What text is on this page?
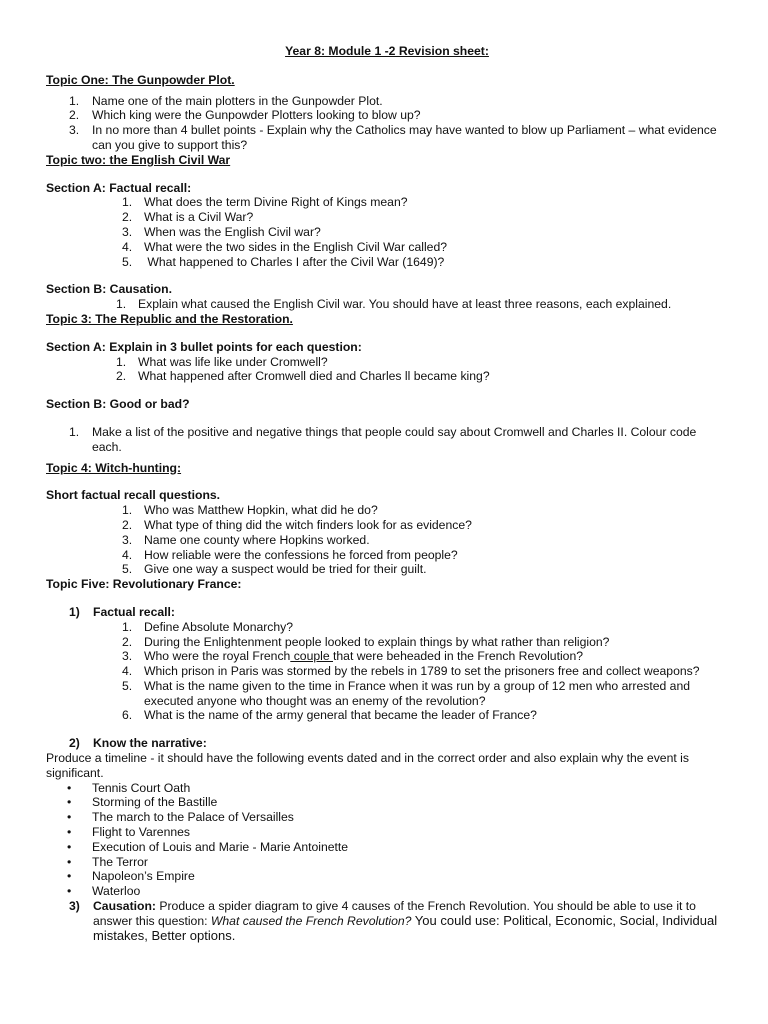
Year 8: Module 1 -2 Revision sheet:
Topic One: The Gunpowder Plot.
1.	Name one of the main plotters in the Gunpowder Plot.
2.	Which king were the Gunpowder Plotters looking to blow up?
3.	In no more than 4 bullet points - Explain why the Catholics may have wanted to blow up Parliament – what evidence can you give to support this?
Topic two: the English Civil War
Section A: Factual recall:
1. What does the term Divine Right of Kings mean?
2. What is a Civil War?
3. When was the English Civil war?
4. What were the two sides in the English Civil War called?
5. What happened to Charles I after the Civil War (1649)?
Section B: Causation.
1. Explain what caused the English Civil war. You should have at least three reasons, each explained.
Topic 3: The Republic and the Restoration.
Section A: Explain in 3 bullet points for each question:
1. What was life like under Cromwell?
2. What happened after Cromwell died and Charles ll became king?
Section B: Good or bad?
1.	Make a list of the positive and negative things that people could say about Cromwell and Charles II. Colour code each.
Topic 4: Witch-hunting:
Short factual recall questions.
1. Who was Matthew Hopkin, what did he do?
2. What type of thing did the witch finders look for as evidence?
3. Name one county where Hopkins worked.
4. How reliable were the confessions he forced from people?
5. Give one way a suspect would be tried for their guilt.
Topic Five: Revolutionary France:
1)	Factual recall:
1. Define Absolute Monarchy?
2. During the Enlightenment people looked to explain things by what rather than religion?
3. Who were the royal French couple that were beheaded in the French Revolution?
4. Which prison in Paris was stormed by the rebels in 1789 to set the prisoners free and collect weapons?
5. What is the name given to the time in France when it was run by a group of 12 men who arrested and executed anyone who thought was an enemy of the revolution?
6. What is the name of the army general that became the leader of France?
2)	Know the narrative:
Produce a timeline - it should have the following events dated and in the correct order and also explain why the event is significant.
•	Tennis Court Oath
•	Storming of the Bastille
•	The march to the Palace of Versailles
•	Flight to Varennes
•	Execution of Louis and Marie - Marie Antoinette
•	The Terror
•	Napoleon’s Empire
•	Waterloo
3)	Causation: Produce a spider diagram to give 4 causes of the French Revolution. You should be able to use it to answer this question: What caused the French Revolution? You could use: Political, Economic, Social, Individual mistakes, Better options.
